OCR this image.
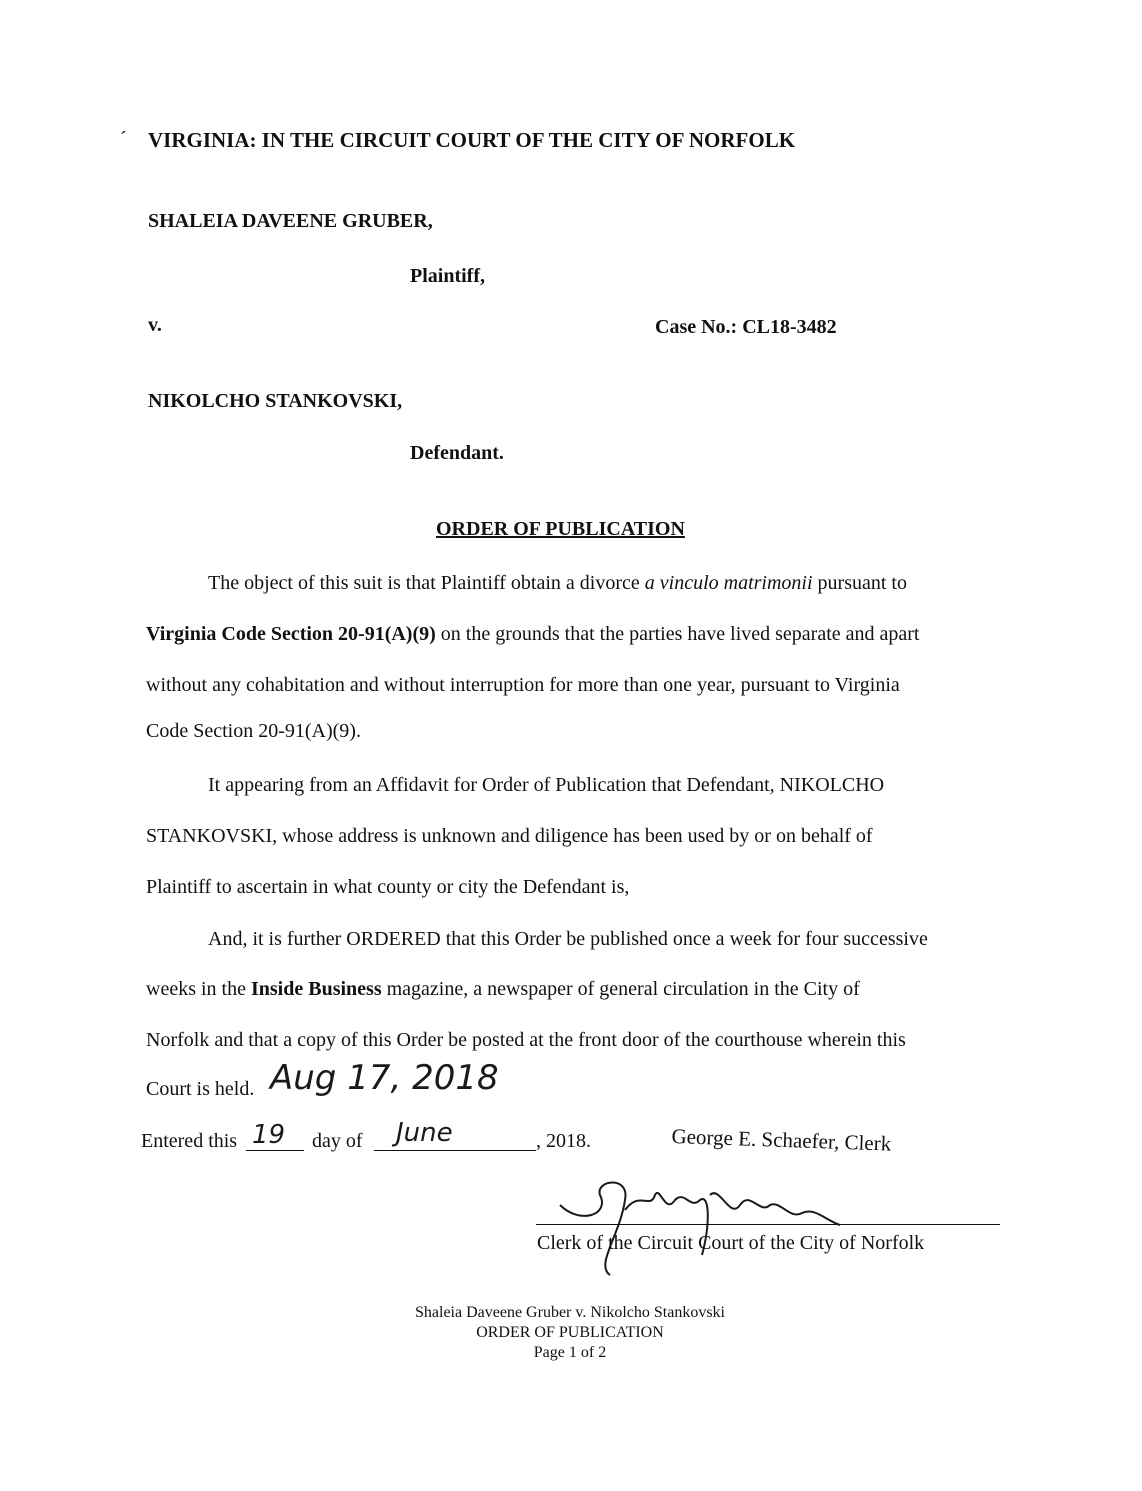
´ VIRGINIA: IN THE CIRCUIT COURT OF THE CITY OF NORFOLK
SHALEIA DAVEENE GRUBER,
Plaintiff,
v.	Case No.: CL18-3482
NIKOLCHO STANKOVSKI,
Defendant.
ORDER OF PUBLICATION
The object of this suit is that Plaintiff obtain a divorce a vinculo matrimonii pursuant to
Virginia Code Section 20-91(A)(9) on the grounds that the parties have lived separate and apart
without any cohabitation and without interruption for more than one year, pursuant to Virginia
Code Section 20-91(A)(9).
It appearing from an Affidavit for Order of Publication that Defendant, NIKOLCHO
STANKOVSKI, whose address is unknown and diligence has been used by or on behalf of
Plaintiff to ascertain in what county or city the Defendant is,
And, it is further ORDERED that this Order be published once a week for four successive
weeks in the Inside Business magazine, a newspaper of general circulation in the City of
Norfolk and that a copy of this Order be posted at the front door of the courthouse wherein this
Court is held. Aug 17, 2018
Entered this 19 day of June	, 2018.	George E. Schaefer, Clerk
Clerk of the Circuit Court of the City of Norfolk
Shaleia Daveene Gruber v. Nikolcho Stankovski
ORDER OF PUBLICATION
Page 1 of 2
